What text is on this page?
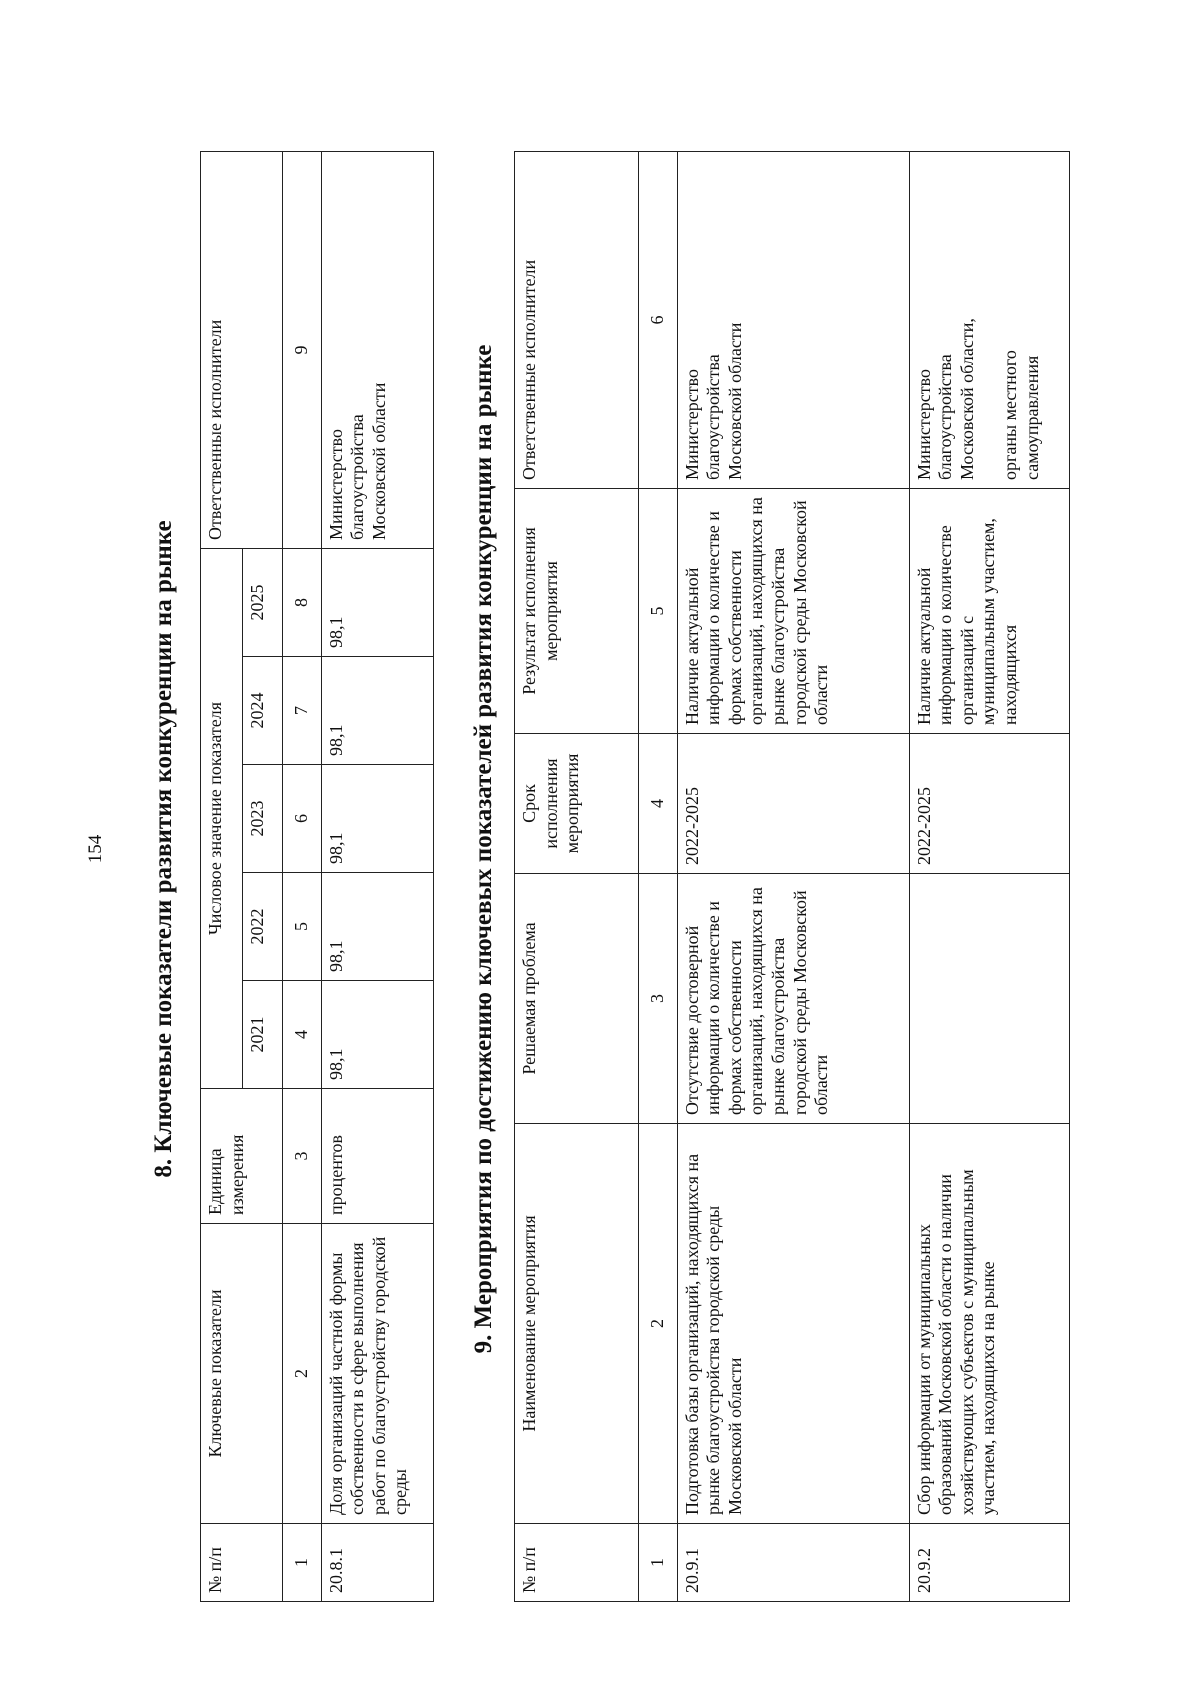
154 8. Ключевые показатели развития конкуренции на рынке
№ п/п	Ключевые показатели	Единица измерения	Числовое значение показателя					Ответственные исполнители
			2021	2022	2023	2024	2025	
1	2	3	4	5	6	7	8	9
20.8.1	Доля организаций частной формы собственности в сфере выполнения работ по благоустройству городской среды	процентов	98,1	98,1	98,1	98,1	98,1	Министерство
благоустройства
Московской области	9. Мероприятия по достижению ключевых показателей развития конкуренции на рынке
№ п/п	Наименование мероприятия	Решаемая проблема	Срок исполнения мероприятия	Результат исполнения мероприятия	Ответственные исполнители
1	2	3	4	5	6
20.9.1	Подготовка базы организаций, находящихся на рынке благоустройства городской среды Московской области	Отсутствие достоверной информации о количестве и формах собственности организаций, находящихся на рынке благоустройства городской среды Московской области	2022-2025	Наличие актуальной информации о количестве и формах собственности организаций, находящихся на рынке благоустройства городской среды Московской области	Министерство
благоустройства
Московской области
20.9.2	Сбор информации от муниципальных образований Московской области о наличии хозяйствующих субъектов с муниципальным участием, находящихся на рынке		2022-2025	Наличие актуальной информации о количестве организаций с муниципальным участием, находящихся	Министерство
благоустройства
Московской области,
органы местного
самоуправления
